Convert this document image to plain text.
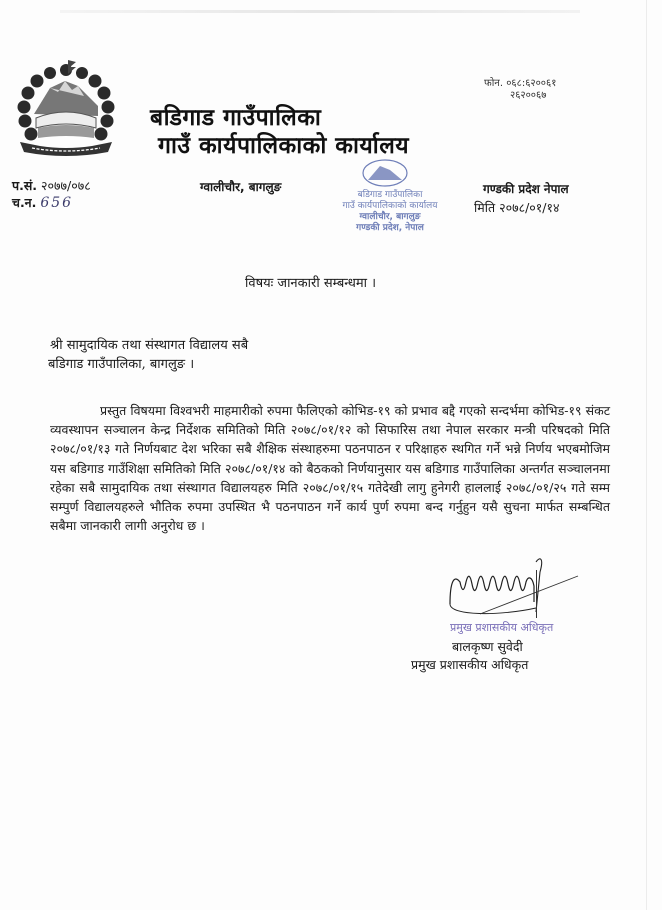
बडिगाड गाउँपालिका
गाउँ कार्यपालिकाको कार्यालय
फोन. ०६८:६२००६१
२६२००६७
प.सं. २०७७/०७८
च.न. 656
ग्वालीचौर, बागलुङ
बडिगाड गाउँपालिका
गाउँ कार्यपालिकाको कार्यालय
ग्वालीचौर, बागलुङ
गण्डकी प्रदेश, नेपाल
गण्डकी प्रदेश नेपाल
मिति २०७८/०१/१४
विषयः जानकारी सम्बन्धमा ।
श्री सामुदायिक तथा संस्थागत विद्यालय सबै
बडिगाड गाउँपालिका, बागलुङ ।
प्रस्तुत विषयमा विश्वभरी माहमारीको रुपमा फैलिएको कोभिड-१९ को प्रभाव बद्दै गएको सन्दर्भमा कोभिड-१९ संकट व्यवस्थापन सञ्चालन केन्द्र निर्देशक समितिको मिति २०७८/०१/१२ को सिफारिस तथा नेपाल सरकार मन्त्री परिषदको मिति २०७८/०१/१३ गते निर्णयबाट देश भरिका सबै शैक्षिक संस्थाहरुमा पठनपाठन र परिक्षाहरु स्थगित गर्ने भन्ने निर्णय भएबमोजिम यस बडिगाड गाउँशिक्षा समितिको मिति २०७८/०१/१४ को बैठकको निर्णयानुसार यस बडिगाड गाउँपालिका अन्तर्गत सञ्चालनमा रहेका सबै सामुदायिक तथा संस्थागत विद्यालयहरु मिति २०७८/०१/१५ गतेदेखी लागु हुनेगरी हाललाई २०७८/०१/२५ गते सम्म सम्पुर्ण विद्यालयहरुले भौतिक रुपमा उपस्थित भै पठनपाठन गर्ने कार्य पुर्ण रुपमा बन्द गर्नुहुन यसै सुचना मार्फत सम्बन्धित सबैमा जानकारी लागी अनुरोध छ ।
प्रमुख प्रशासकीय अधिकृत
बालकृष्ण सुवेदी
प्रमुख प्रशासकीय अधिकृत
